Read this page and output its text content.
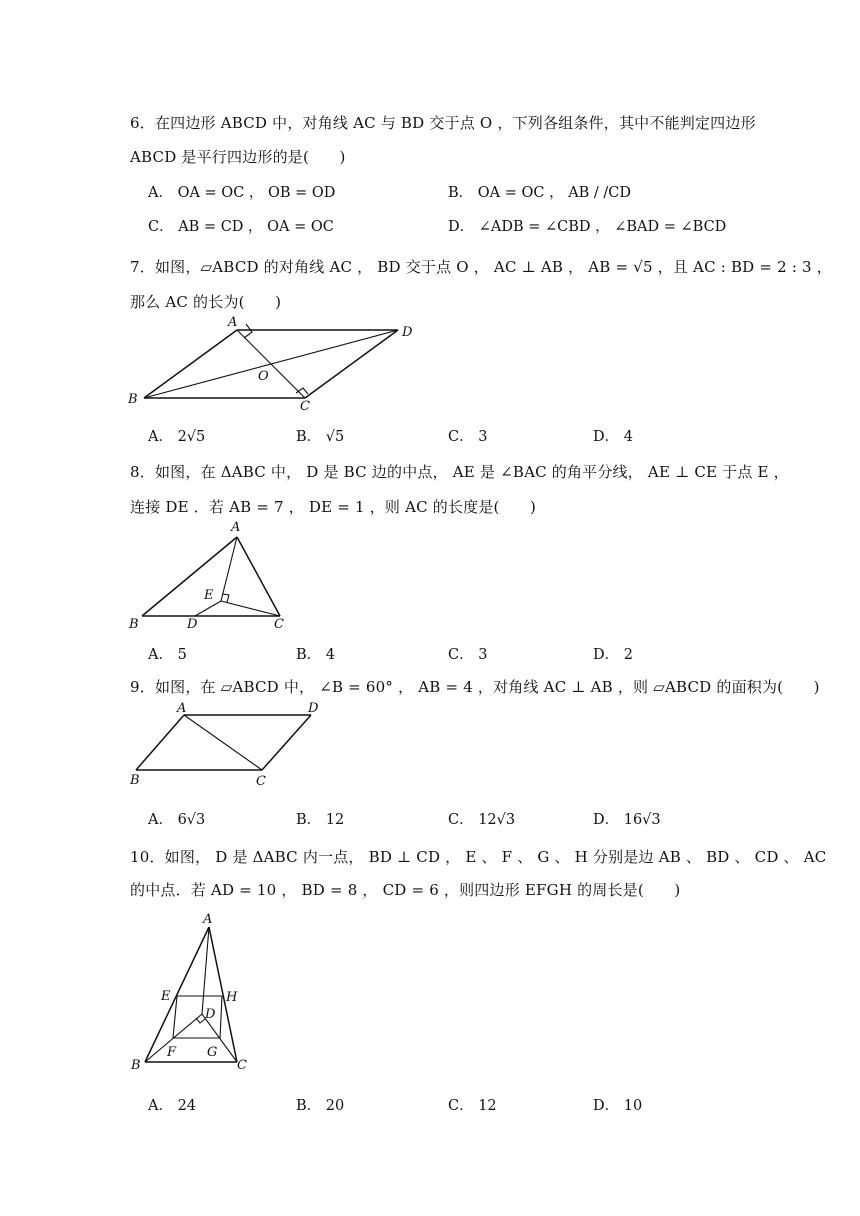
6．在四边形 ABCD 中，对角线 AC 与 BD 交于点 O ，下列各组条件，其中不能判定四边形
ABCD 是平行四边形的是(　　)
A． OA = OC ， OB = OD	B． OA = OC ， AB / /CD
C． AB = CD ， OA = OC	D． ∠ADB = ∠CBD ， ∠BAD = ∠BCD
7．如图，▱ABCD 的对角线 AC ， BD 交于点 O ， AC ⊥ AB ， AB = √5 ，且 AC : BD = 2 : 3 ，
那么 AC 的长为(　　)
A
D
B	C
O
A． 2√5	B． √5	C． 3	D． 4
8．如图，在 ΔABC 中， D 是 BC 边的中点， AE 是 ∠BAC 的角平分线， AE ⊥ CE 于点 E ，
连接 DE ．若 AB = 7 ， DE = 1 ，则 AC 的长度是(　　)
A
B	D	C
E
A． 5	B． 4	C． 3	D． 2
9．如图，在 ▱ABCD 中， ∠B = 60° ， AB = 4 ，对角线 AC ⊥ AB ，则 ▱ABCD 的面积为(　　)
A	D
B	C
A． 6√3	B． 12	C． 12√3	D． 16√3
10．如图， D 是 ΔABC 内一点， BD ⊥ CD ， E 、 F 、 G 、 H 分别是边 AB 、 BD 、 CD 、 AC
的中点．若 AD = 10 ， BD = 8 ， CD = 6 ，则四边形 EFGH 的周长是(　　)
A
E	H
D
F G
B	C
A． 24	B． 20	C． 12	D． 10
